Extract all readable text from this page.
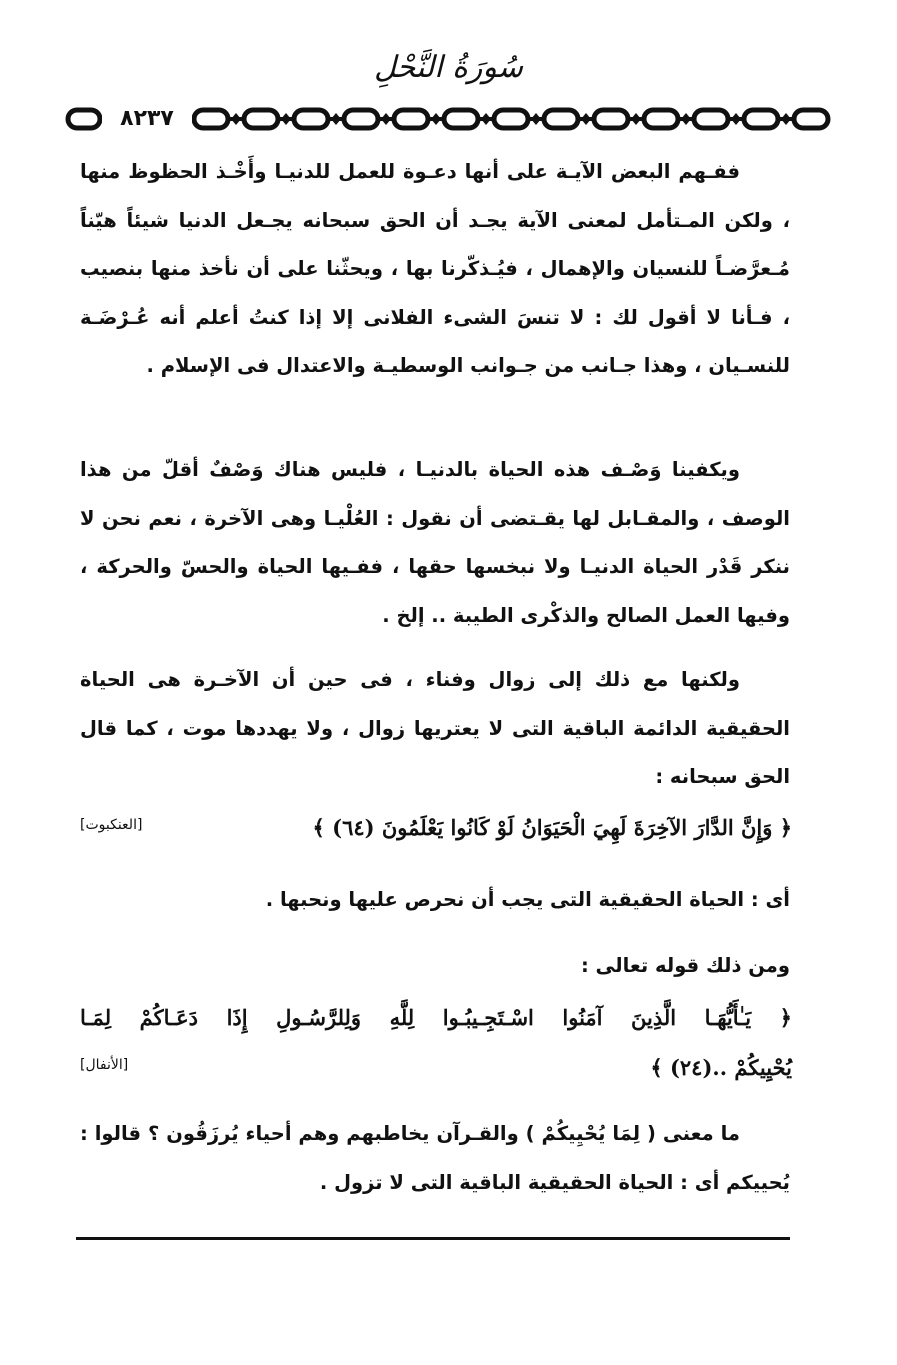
سُورَةُ النَّحْلِ
٨٢٣٧
ففـهم البعض الآيـة على أنها دعـوة للعمل للدنيـا وأَخْـذ الحظوظ منها ، ولكن المـتأمل لمعنى الآية يجـد أن الحق سبحانه يجـعل الدنيا شيئاً هيّناً مُـعرَّضـاً للنسيان والإهمال ، فيُـذكّرنا بها ، ويحثّنا على أن نأخذ منها بنصيب ، فـأنا لا أقول لك : لا تنسَ الشىء الفلانى إلا إذا كنتُ أعلم أنه عُـرْضَـة للنسـيان ، وهذا جـانب من جـوانب الوسطيـة والاعتدال فى الإسلام .
ويكفينا وَصْـف هذه الحياة بالدنيـا ، فليس هناك وَصْفٌ أقلّ من هذا الوصف ، والمقـابل لها يقـتضى أن نقول : العُلْيـا وهى الآخرة ، نعم نحن لا ننكر قَدْر الحياة الدنيـا ولا نبخسها حقها ، ففـيها الحياة والحسّ والحركة ، وفيها العمل الصالح والذكْرى الطيبة .. إلخ .
ولكنها مع ذلك إلى زوال وفناء ، فى حين أن الآخـرة هى الحياة الحقيقية الدائمة الباقية التى لا يعتريها زوال ، ولا يهددها موت ، كما قال الحق سبحانه :
﴿ وَإِنَّ الدَّارَ الآخِرَةَ لَهِيَ الْحَيَوَانُ لَوْ كَانُوا يَعْلَمُونَ (٦٤) ﴾
[العنكبوت]
أى : الحياة الحقيقية التى يجب أن نحرص عليها ونحبها .
ومن ذلك قوله تعالى :
﴿ يَـٰأَيُّهَـا الَّذِينَ آمَنُوا اسْـتَجِـيبُـوا لِلَّهِ وَلِلرَّسُـولِ إِذَا دَعَـاكُمْ لِمَـا
يُحْيِيكُمْ ..(٢٤) ﴾
[الأنفال]
ما معنى ( لِمَا يُحْيِيكُمْ ) والقـرآن يخاطبهم وهم أحياء يُرزَقُون ؟ قالوا : يُحييكم أى : الحياة الحقيقية الباقية التى لا تزول .
